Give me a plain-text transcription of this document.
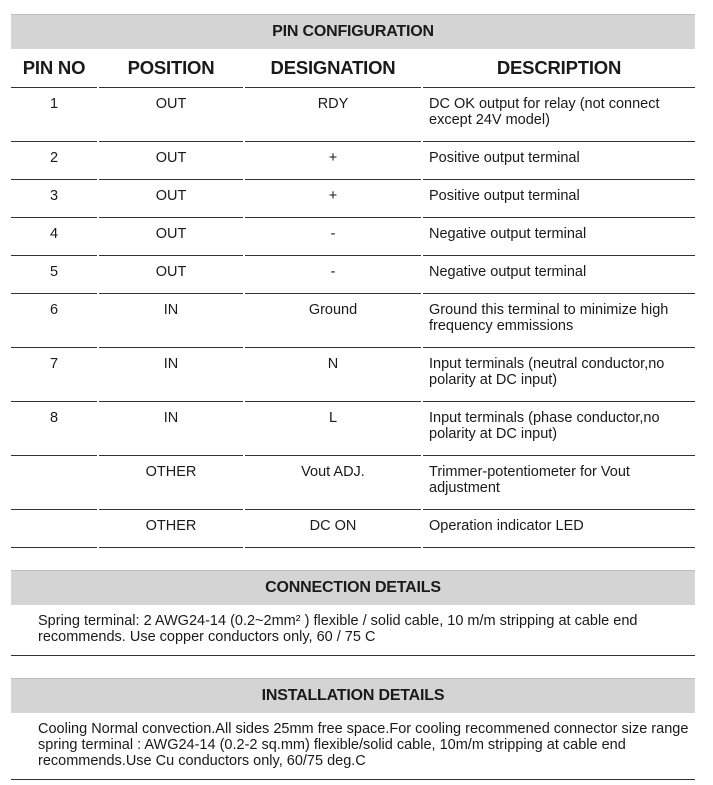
PIN CONFIGURATION
PIN NO	POSITION	DESIGNATION	DESCRIPTION
1	OUT	RDY	DC OK output for relay (not connect except 24V model)
2	OUT	+	Positive output terminal
3	OUT	+	Positive output terminal
4	OUT	-	Negative output terminal
5	OUT	-	Negative output terminal
6	IN	Ground	Ground this terminal to minimize high frequency emmissions
7	IN	N	Input terminals (neutral conductor,no polarity at DC input)
8	IN	L	Input terminals (phase conductor,no polarity at DC input)
	OTHER	Vout ADJ.	Trimmer-potentiometer for Vout adjustment
	OTHER	DC ON	Operation indicator LED
CONNECTION DETAILS
Spring terminal: 2 AWG24-14 (0.2~2mm² ) flexible / solid cable, 10 m/m stripping at cable end recommends. Use copper conductors only, 60 / 75 C
INSTALLATION DETAILS
Cooling Normal convection.All sides 25mm free space.For cooling recommened connector size range spring terminal : AWG24-14 (0.2-2 sq.mm) flexible/solid cable, 10m/m stripping at cable end recommends.Use Cu conductors only, 60/75 deg.C
